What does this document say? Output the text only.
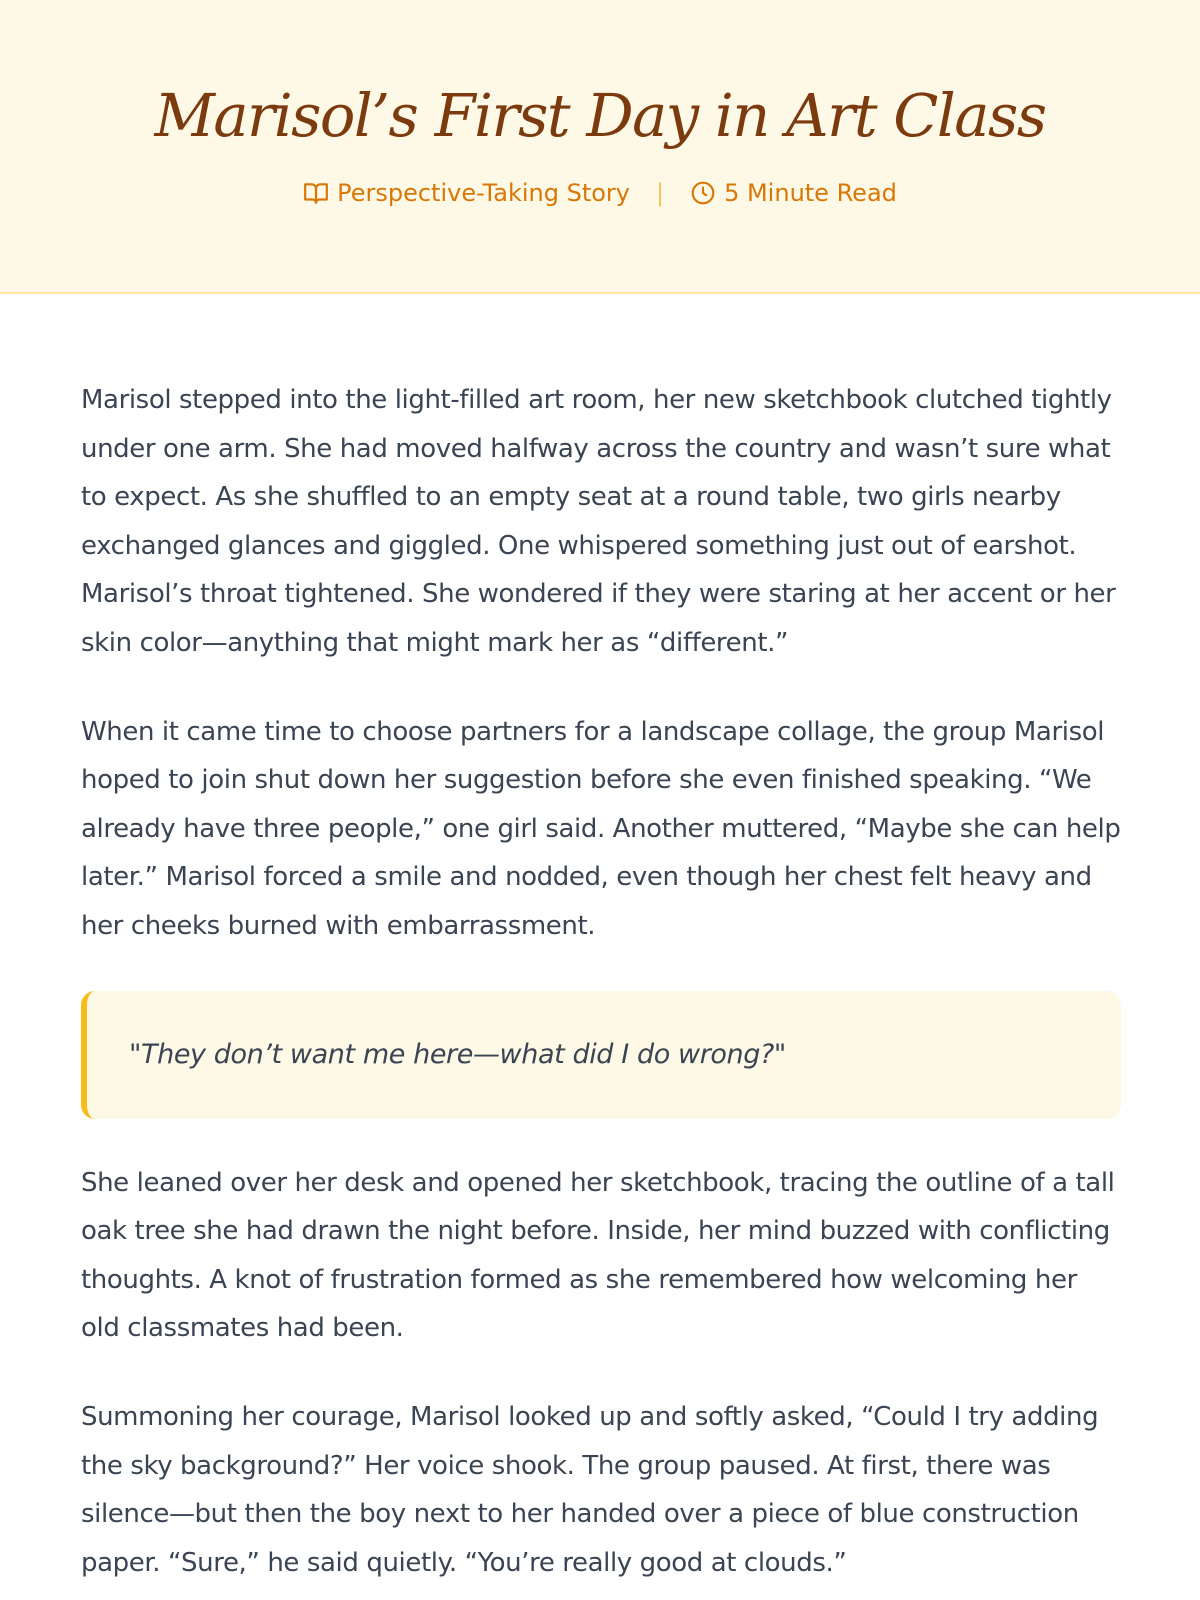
Marisol’s First Day in Art Class
Perspective-Taking Story |	5 Minute Read

Marisol stepped into the light-filled art room, her new sketchbook clutched tightly under one arm. She had moved halfway across the country and wasn’t sure what to expect. As she shuffled to an empty seat at a round table, two girls nearby exchanged glances and giggled. One whispered something just out of earshot. Marisol’s throat tightened. She wondered if they were staring at her accent or her skin color—anything that might mark her as “different.”

When it came time to choose partners for a landscape collage, the group Marisol hoped to join shut down her suggestion before she even finished speaking. “We already have three people,” one girl said. Another muttered, “Maybe she can help later.” Marisol forced a smile and nodded, even though her chest felt heavy and her cheeks burned with embarrassment.

"They don’t want me here—what did I do wrong?"

She leaned over her desk and opened her sketchbook, tracing the outline of a tall oak tree she had drawn the night before. Inside, her mind buzzed with conflicting thoughts. A knot of frustration formed as she remembered how welcoming her old classmates had been.

Summoning her courage, Marisol looked up and softly asked, “Could I try adding the sky background?” Her voice shook. The group paused. At first, there was silence—but then the boy next to her handed over a piece of blue construction paper. “Sure,” he said quietly. “You’re really good at clouds.”
